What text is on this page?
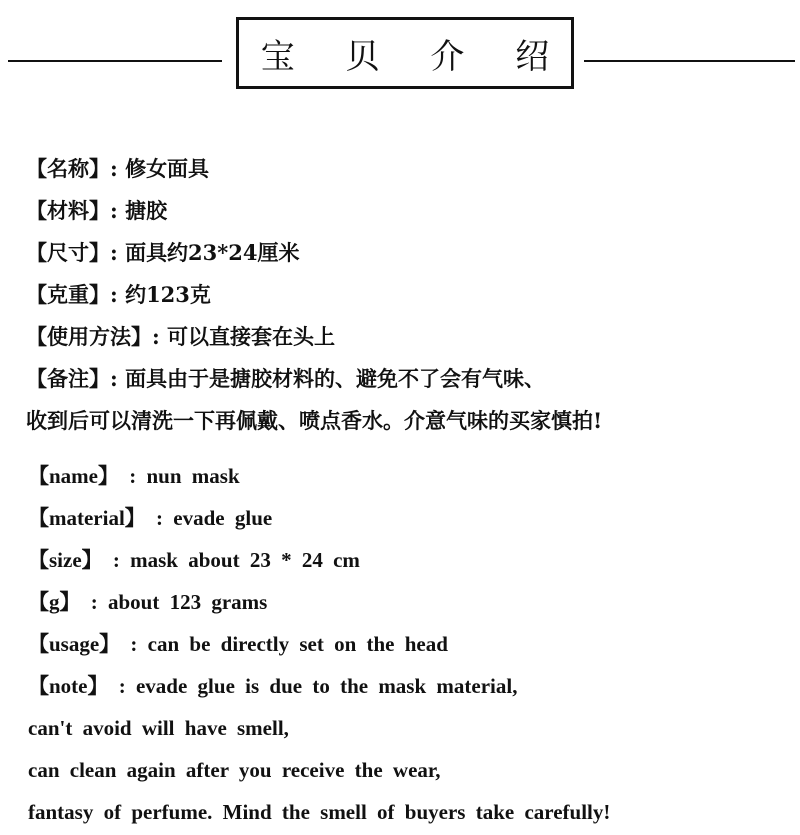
宝 贝 介 绍
【名称】: 修女面具
【材料】: 搪胶
【尺寸】: 面具约23*24厘米
【克重】: 约123克
【使用方法】: 可以直接套在头上
【备注】: 面具由于是搪胶材料的、避免不了会有气味、
收到后可以清洗一下再佩戴、喷点香水。介意气味的买家慎拍!
【name】 : nun mask
【material】 : evade glue
【size】 : mask about 23 * 24 cm
【g】 : about 123 grams
【usage】 : can be directly set on the head
【note】 : evade glue is due to the mask material,
can't avoid will have smell,
can clean again after you receive the wear,
fantasy of perfume. Mind the smell of buyers take carefully!
